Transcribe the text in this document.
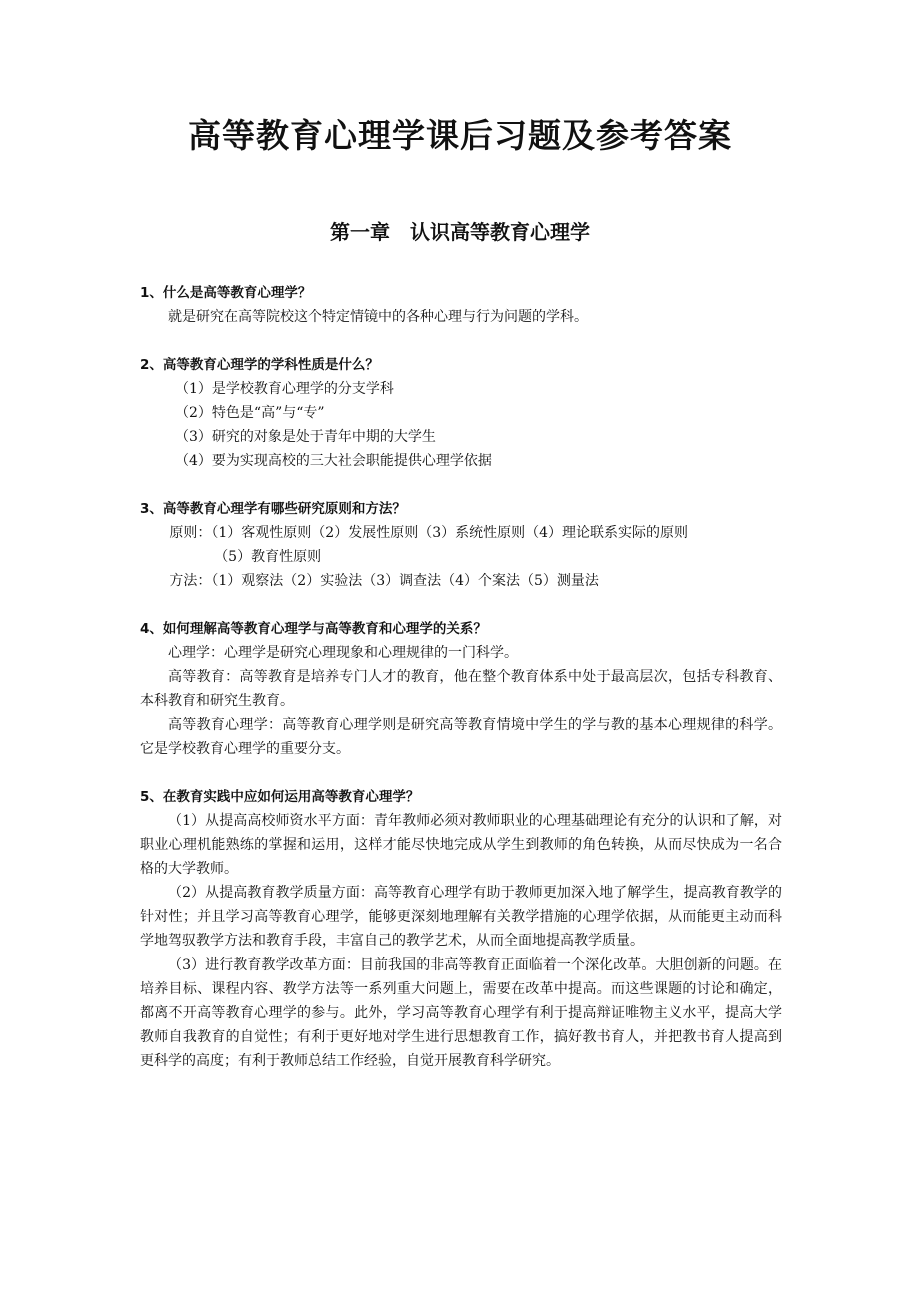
高等教育心理学课后习题及参考答案
第一章　认识高等教育心理学
1、什么是高等教育心理学？
就是研究在高等院校这个特定情镜中的各种心理与行为问题的学科。
2、高等教育心理学的学科性质是什么？
（1）是学校教育心理学的分支学科
（2）特色是“高”与“专”
（3）研究的对象是处于青年中期的大学生
（4）要为实现高校的三大社会职能提供心理学依据
3、高等教育心理学有哪些研究原则和方法？
原则：（1）客观性原则（2）发展性原则（3）系统性原则（4）理论联系实际的原则
（5）教育性原则
方法：（1）观察法（2）实验法（3）调查法（4）个案法（5）测量法
4、如何理解高等教育心理学与高等教育和心理学的关系？
心理学：心理学是研究心理现象和心理规律的一门科学。
高等教育：高等教育是培养专门人才的教育，他在整个教育体系中处于最高层次，包括专科教育、本科教育和研究生教育。
高等教育心理学：高等教育心理学则是研究高等教育情境中学生的学与教的基本心理规律的科学。它是学校教育心理学的重要分支。
5、在教育实践中应如何运用高等教育心理学？
（1）从提高高校师资水平方面：青年教师必须对教师职业的心理基础理论有充分的认识和了解，对职业心理机能熟练的掌握和运用，这样才能尽快地完成从学生到教师的角色转换，从而尽快成为一名合格的大学教师。
（2）从提高教育教学质量方面：高等教育心理学有助于教师更加深入地了解学生，提高教育教学的针对性；并且学习高等教育心理学，能够更深刻地理解有关教学措施的心理学依据，从而能更主动而科学地驾驭教学方法和教育手段，丰富自己的教学艺术，从而全面地提高教学质量。
（3）进行教育教学改革方面：目前我国的非高等教育正面临着一个深化改革。大胆创新的问题。在培养目标、课程内容、教学方法等一系列重大问题上，需要在改革中提高。而这些课题的讨论和确定，都离不开高等教育心理学的参与。此外，学习高等教育心理学有利于提高辩证唯物主义水平，提高大学教师自我教育的自觉性；有利于更好地对学生进行思想教育工作，搞好教书育人，并把教书育人提高到更科学的高度；有利于教师总结工作经验，自觉开展教育科学研究。
